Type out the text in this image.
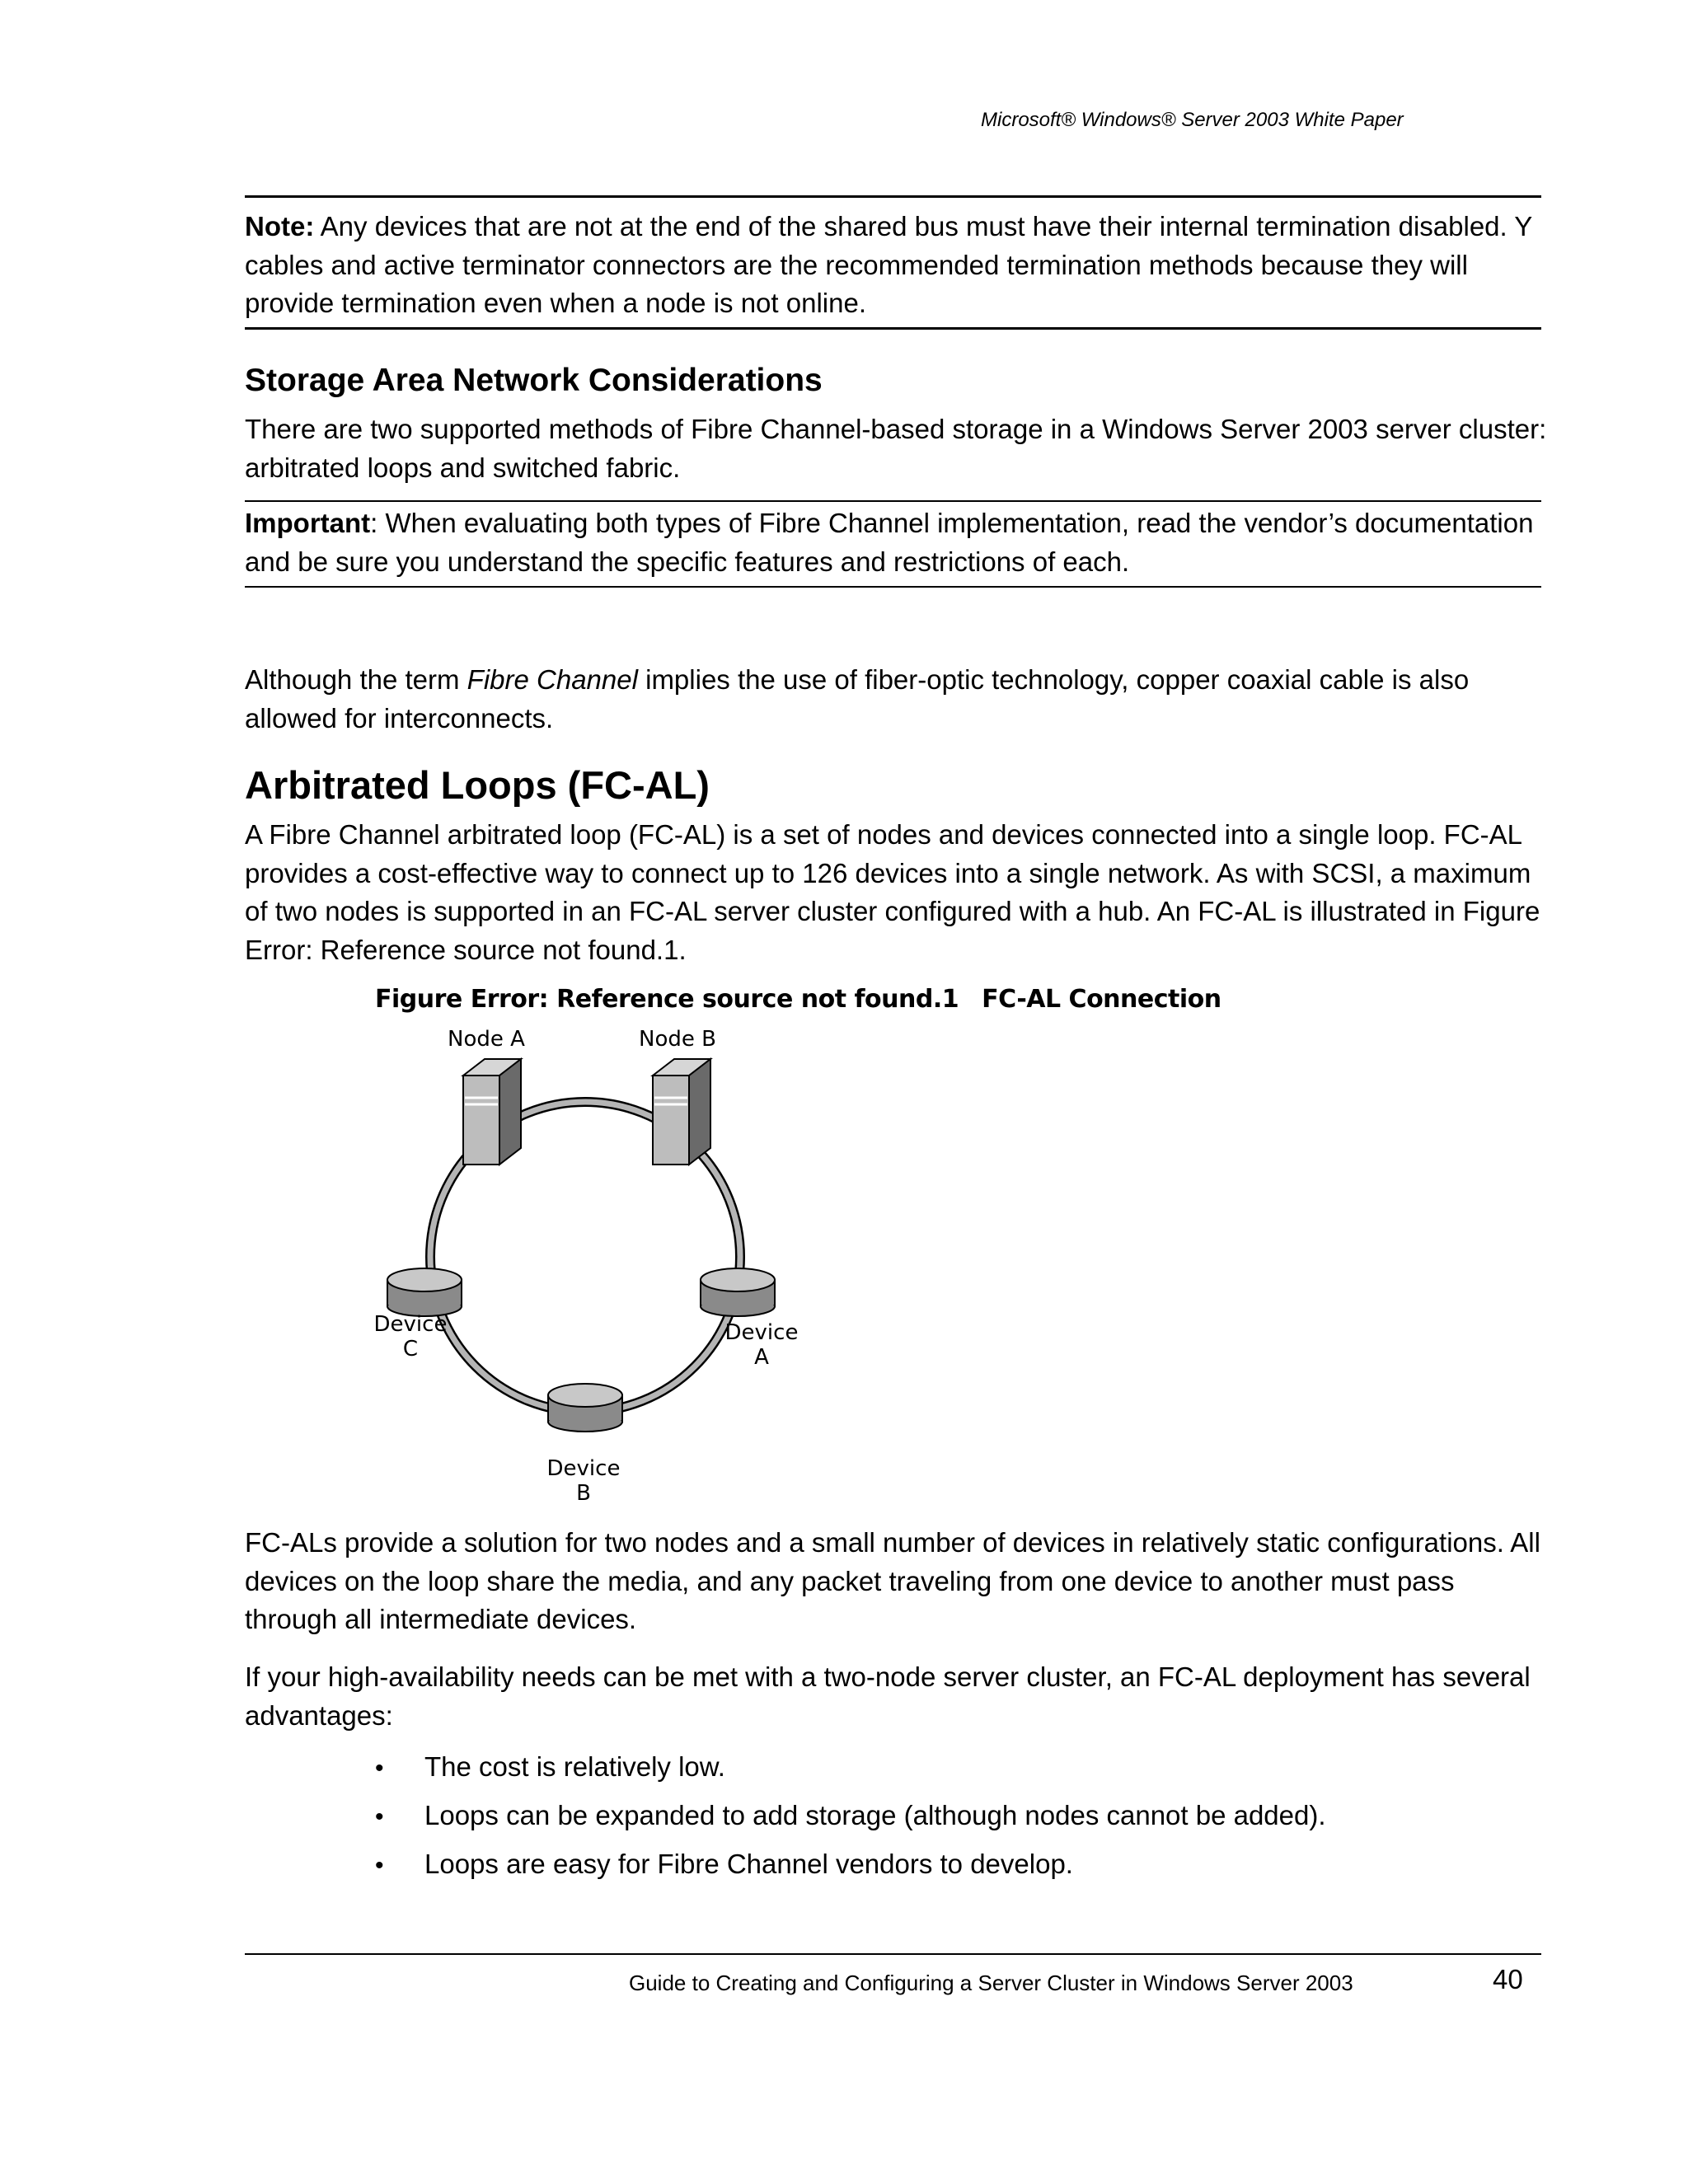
Microsoft® Windows® Server 2003 White Paper
Note: Any devices that are not at the end of the shared bus must have their internal termination disabled. Y cables and active terminator connectors are the recommended termination methods because they will provide termination even when a node is not online.
Storage Area Network Considerations
There are two supported methods of Fibre Channel-based storage in a Windows Server 2003 server cluster: arbitrated loops and switched fabric.
Important: When evaluating both types of Fibre Channel implementation, read the vendor’s documentation and be sure you understand the specific features and restrictions of each.
Although the term Fibre Channel implies the use of fiber-optic technology, copper coaxial cable is also allowed for interconnects.
Arbitrated Loops (FC-AL)
A Fibre Channel arbitrated loop (FC-AL) is a set of nodes and devices connected into a single loop. FC-AL provides a cost-effective way to connect up to 126 devices into a single network. As with SCSI, a maximum of two nodes is supported in an FC-AL server cluster configured with a hub. An FC-AL is illustrated in Figure Error: Reference source not found.1.
Figure Error: Reference source not found.1 FC-AL Connection
Node A	Node B
Device
C
Device
A
Device
B
FC-ALs provide a solution for two nodes and a small number of devices in relatively static configurations. All devices on the loop share the media, and any packet traveling from one device to another must pass through all intermediate devices.
If your high-availability needs can be met with a two-node server cluster, an FC-AL deployment has several advantages:
•	The cost is relatively low.
•	Loops can be expanded to add storage (although nodes cannot be added).
•	Loops are easy for Fibre Channel vendors to develop.
Guide to Creating and Configuring a Server Cluster in Windows Server 2003	40
